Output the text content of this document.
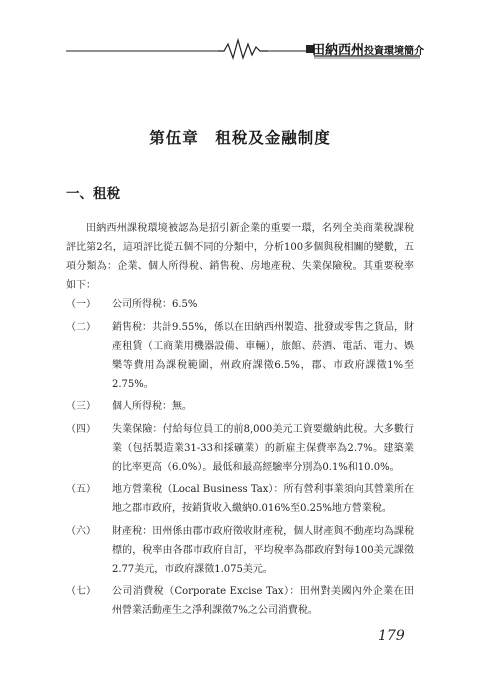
田納西州投資環境簡介
第伍章　租稅及金融制度
一、租稅

田納西州課稅環境被認為是招引新企業的重要一環，名列全美商業稅課稅評比第2名，這項評比從五個不同的分類中，分析100多個與稅相關的變數，五項分類為：企業、個人所得稅、銷售稅、房地產稅、失業保險稅。其重要稅率如下：

（一）	公司所得稅：6.5%
（二）	銷售稅：共計9.55%，係以在田納西州製造、批發或零售之貨品，財產租賃（工商業用機器設備、車輛），旅館、菸酒、電話、電力、娛樂等費用為課稅範圍，州政府課徵6.5%，郡、市政府課徵1%至2.75%。
（三）	個人所得稅：無。
（四）	失業保險：付給每位員工的前8,000美元工資要繳納此稅。大多數行業（包括製造業31-33和採礦業）的新雇主保費率為2.7%。建築業的比率更高（6.0%）。最低和最高經驗率分別為0.1%和10.0%。
（五）	地方營業稅（Local Business Tax）：所有營利事業須向其營業所在地之郡市政府，按銷貨收入繳納0.016%至0.25%地方營業稅。
（六）	財產稅：田州係由郡市政府徵收財產稅，個人財產與不動產均為課稅標的，稅率由各郡市政府自訂，平均稅率為郡政府對每100美元課徵2.77美元，市政府課徵1.075美元。
（七）	公司消費稅（Corporate Excise Tax）：田州對美國內外企業在田州營業活動產生之淨利課徵7%之公司消費稅。
179
